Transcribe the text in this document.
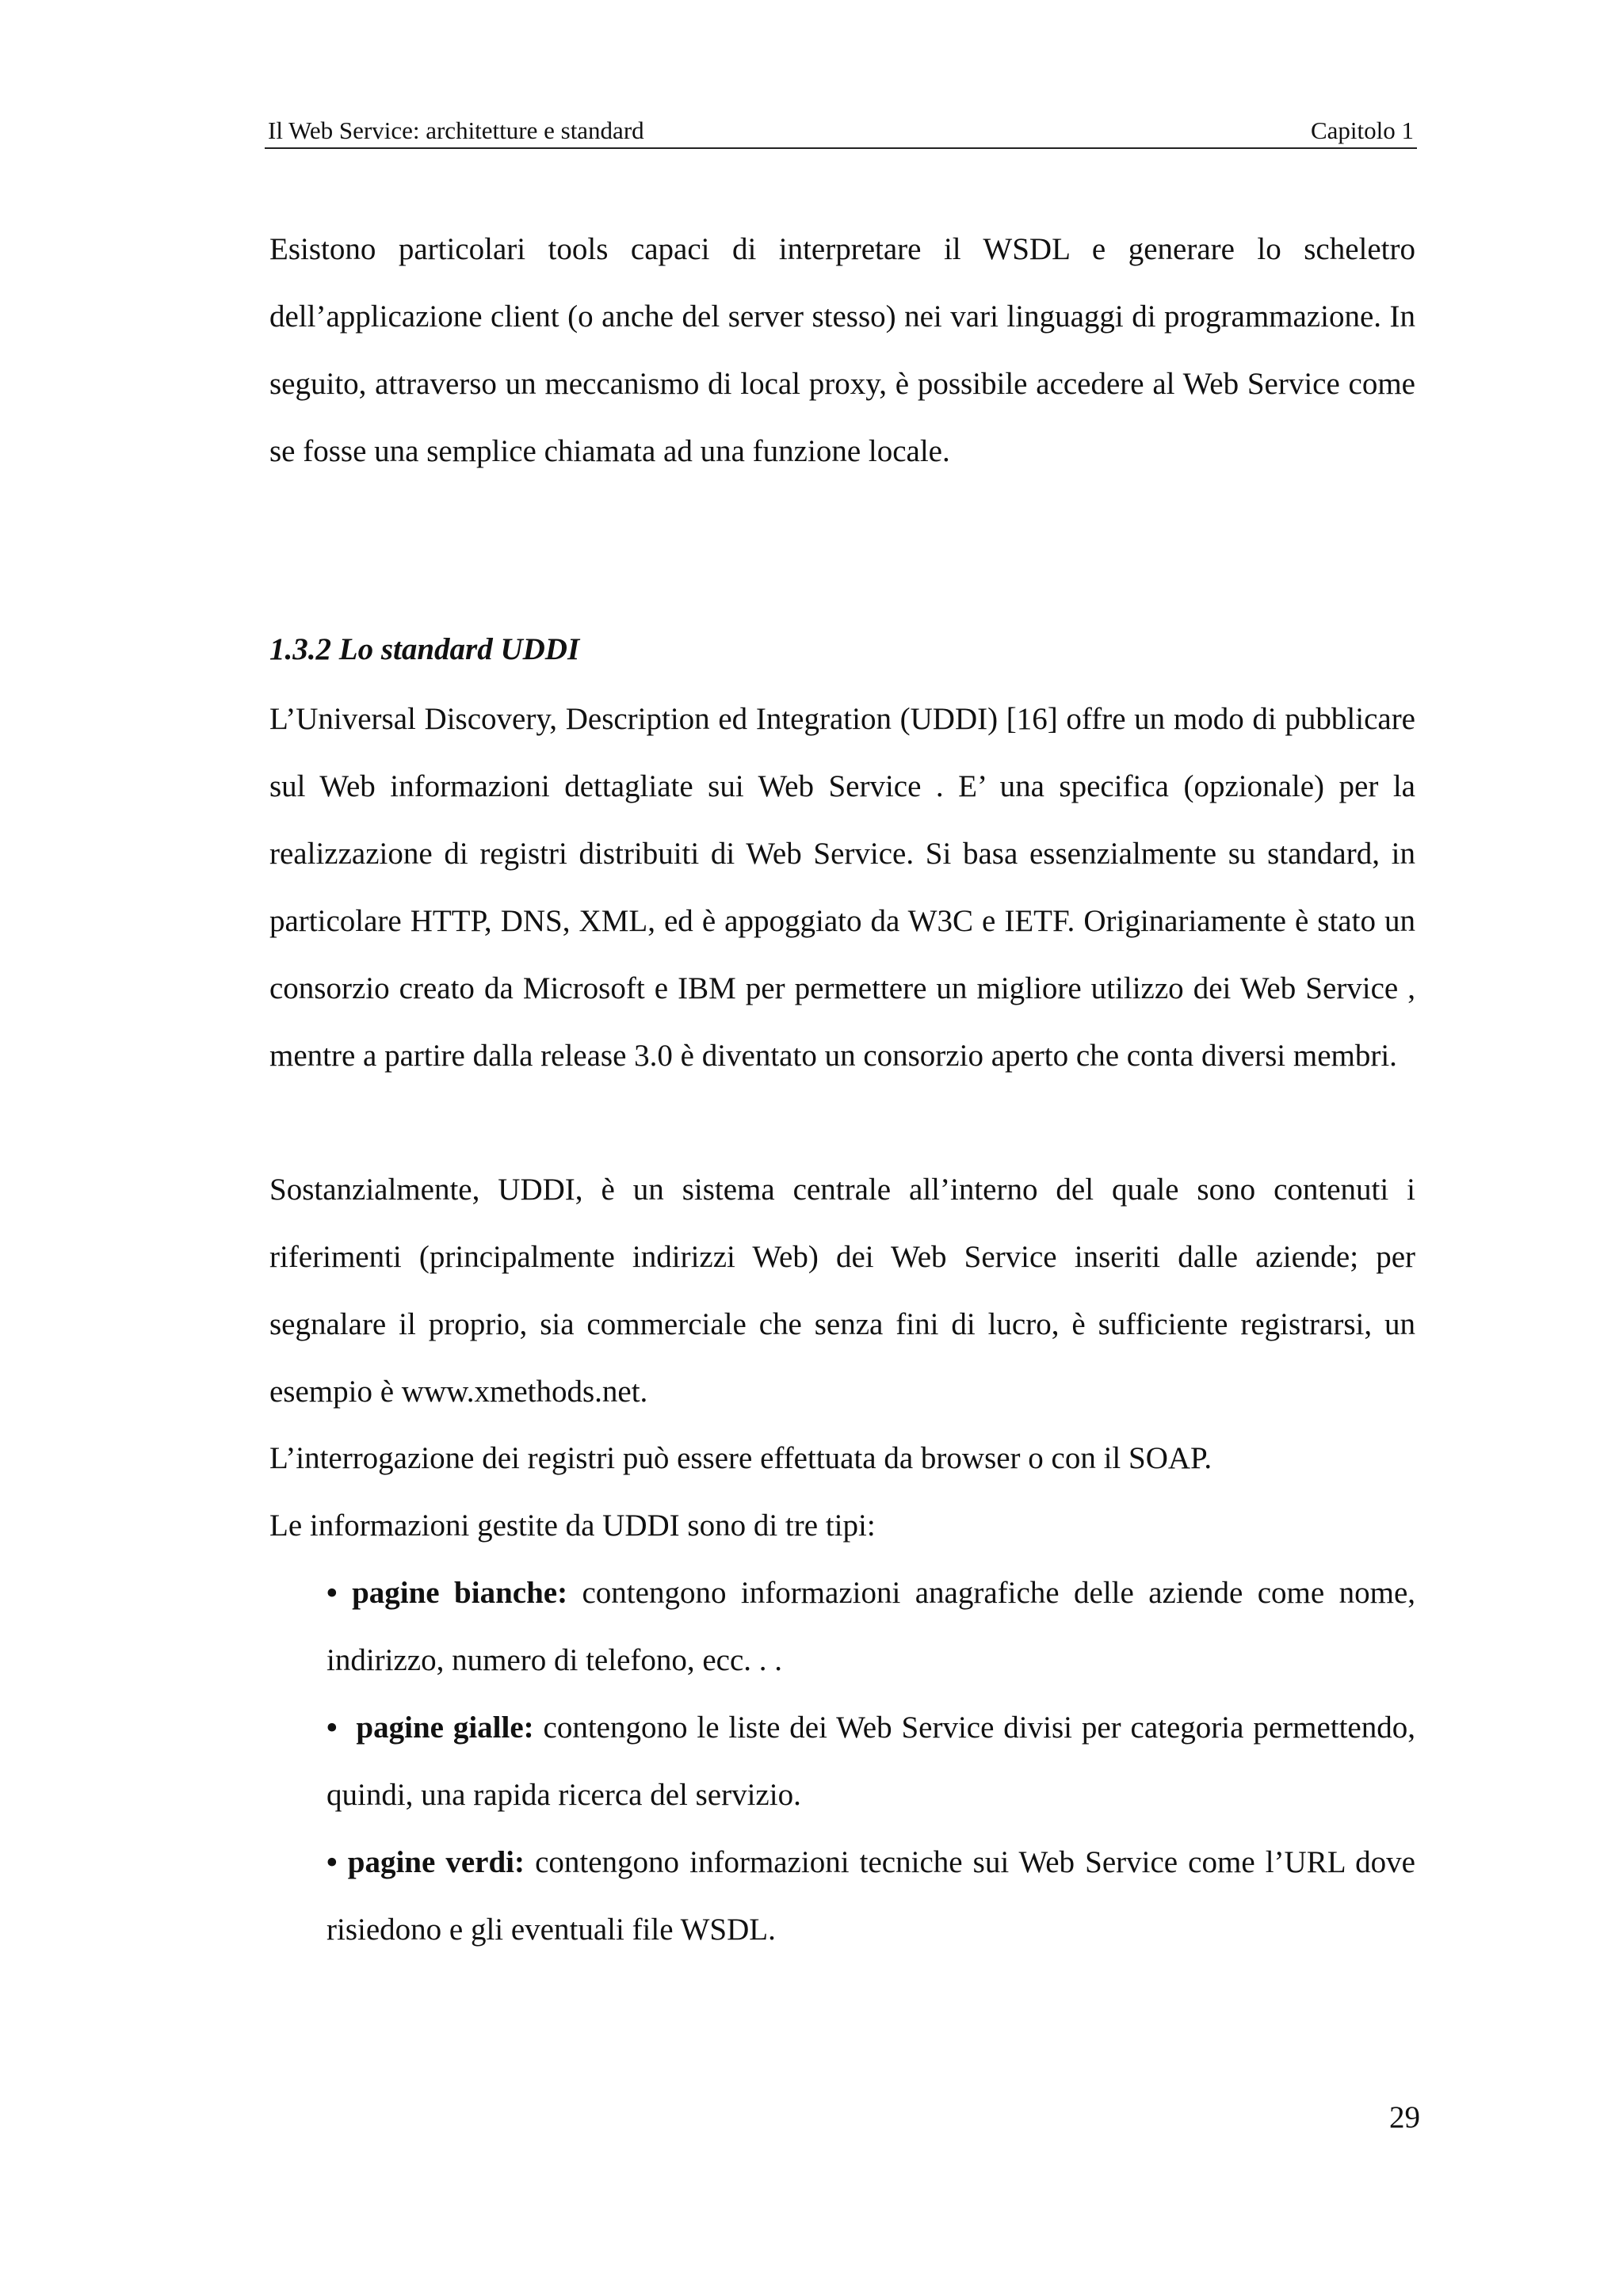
Il Web Service: architetture e standard	Capitolo 1

Esistono particolari tools capaci di interpretare il WSDL e generare lo scheletro dell’applicazione client (o anche del server stesso) nei vari linguaggi di programmazione. In seguito, attraverso un meccanismo di local proxy, è possibile accedere al Web Service come se fosse una semplice chiamata ad una funzione locale.

1.3.2 Lo standard UDDI

L’Universal Discovery, Description ed Integration (UDDI) [16] offre un modo di pubblicare sul Web informazioni dettagliate sui Web Service . E’ una specifica (opzionale) per la realizzazione di registri distribuiti di Web Service. Si basa essenzialmente su standard, in particolare HTTP, DNS, XML, ed è appoggiato da W3C e IETF. Originariamente è stato un consorzio creato da Microsoft e IBM per permettere un migliore utilizzo dei Web Service , mentre a partire dalla release 3.0 è diventato un consorzio aperto che conta diversi membri.

Sostanzialmente, UDDI, è un sistema centrale all’interno del quale sono contenuti i riferimenti (principalmente indirizzi Web) dei Web Service inseriti dalle aziende; per segnalare il proprio, sia commerciale che senza fini di lucro, è sufficiente registrarsi, un esempio è www.xmethods.net.

L’interrogazione dei registri può essere effettuata da browser o con il SOAP.

Le informazioni gestite da UDDI sono di tre tipi:

• pagine bianche: contengono informazioni anagrafiche delle aziende come nome, indirizzo, numero di telefono, ecc. . .
• pagine gialle: contengono le liste dei Web Service divisi per categoria permettendo, quindi, una rapida ricerca del servizio.
• pagine verdi: contengono informazioni tecniche sui Web Service come l’URL dove risiedono e gli eventuali file WSDL.
29
